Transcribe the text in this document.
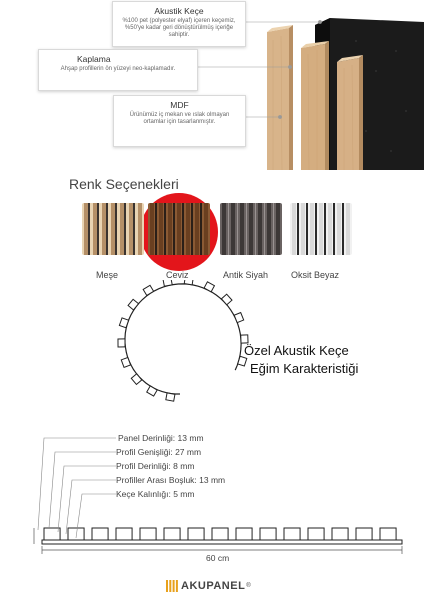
Akustik Keçe
%100 pet (polyester elyaf) içeren keçemiz, %50'ye kadar geri dönüştürülmüş içeriğe sahiptir.
Kaplama
Ahşap profillerin ön yüzeyi neo-kaplamadır.
MDF
Ürünümüz iç mekan ve ıslak olmayan ortamlar için tasarlanmıştır.
Renk Seçenekleri
Meşe	Ceviz	Antik Siyah	Oksit Beyaz
Özel Akustik Keçe
Eğim Karakteristiği
Panel Derinliği: 13 mm
Profil Genişliği: 27 mm
Profil Derinliği: 8 mm
Profiller Arası Boşluk: 13 mm
Keçe Kalınlığı: 5 mm
60 cm
AKUPANEL ®
